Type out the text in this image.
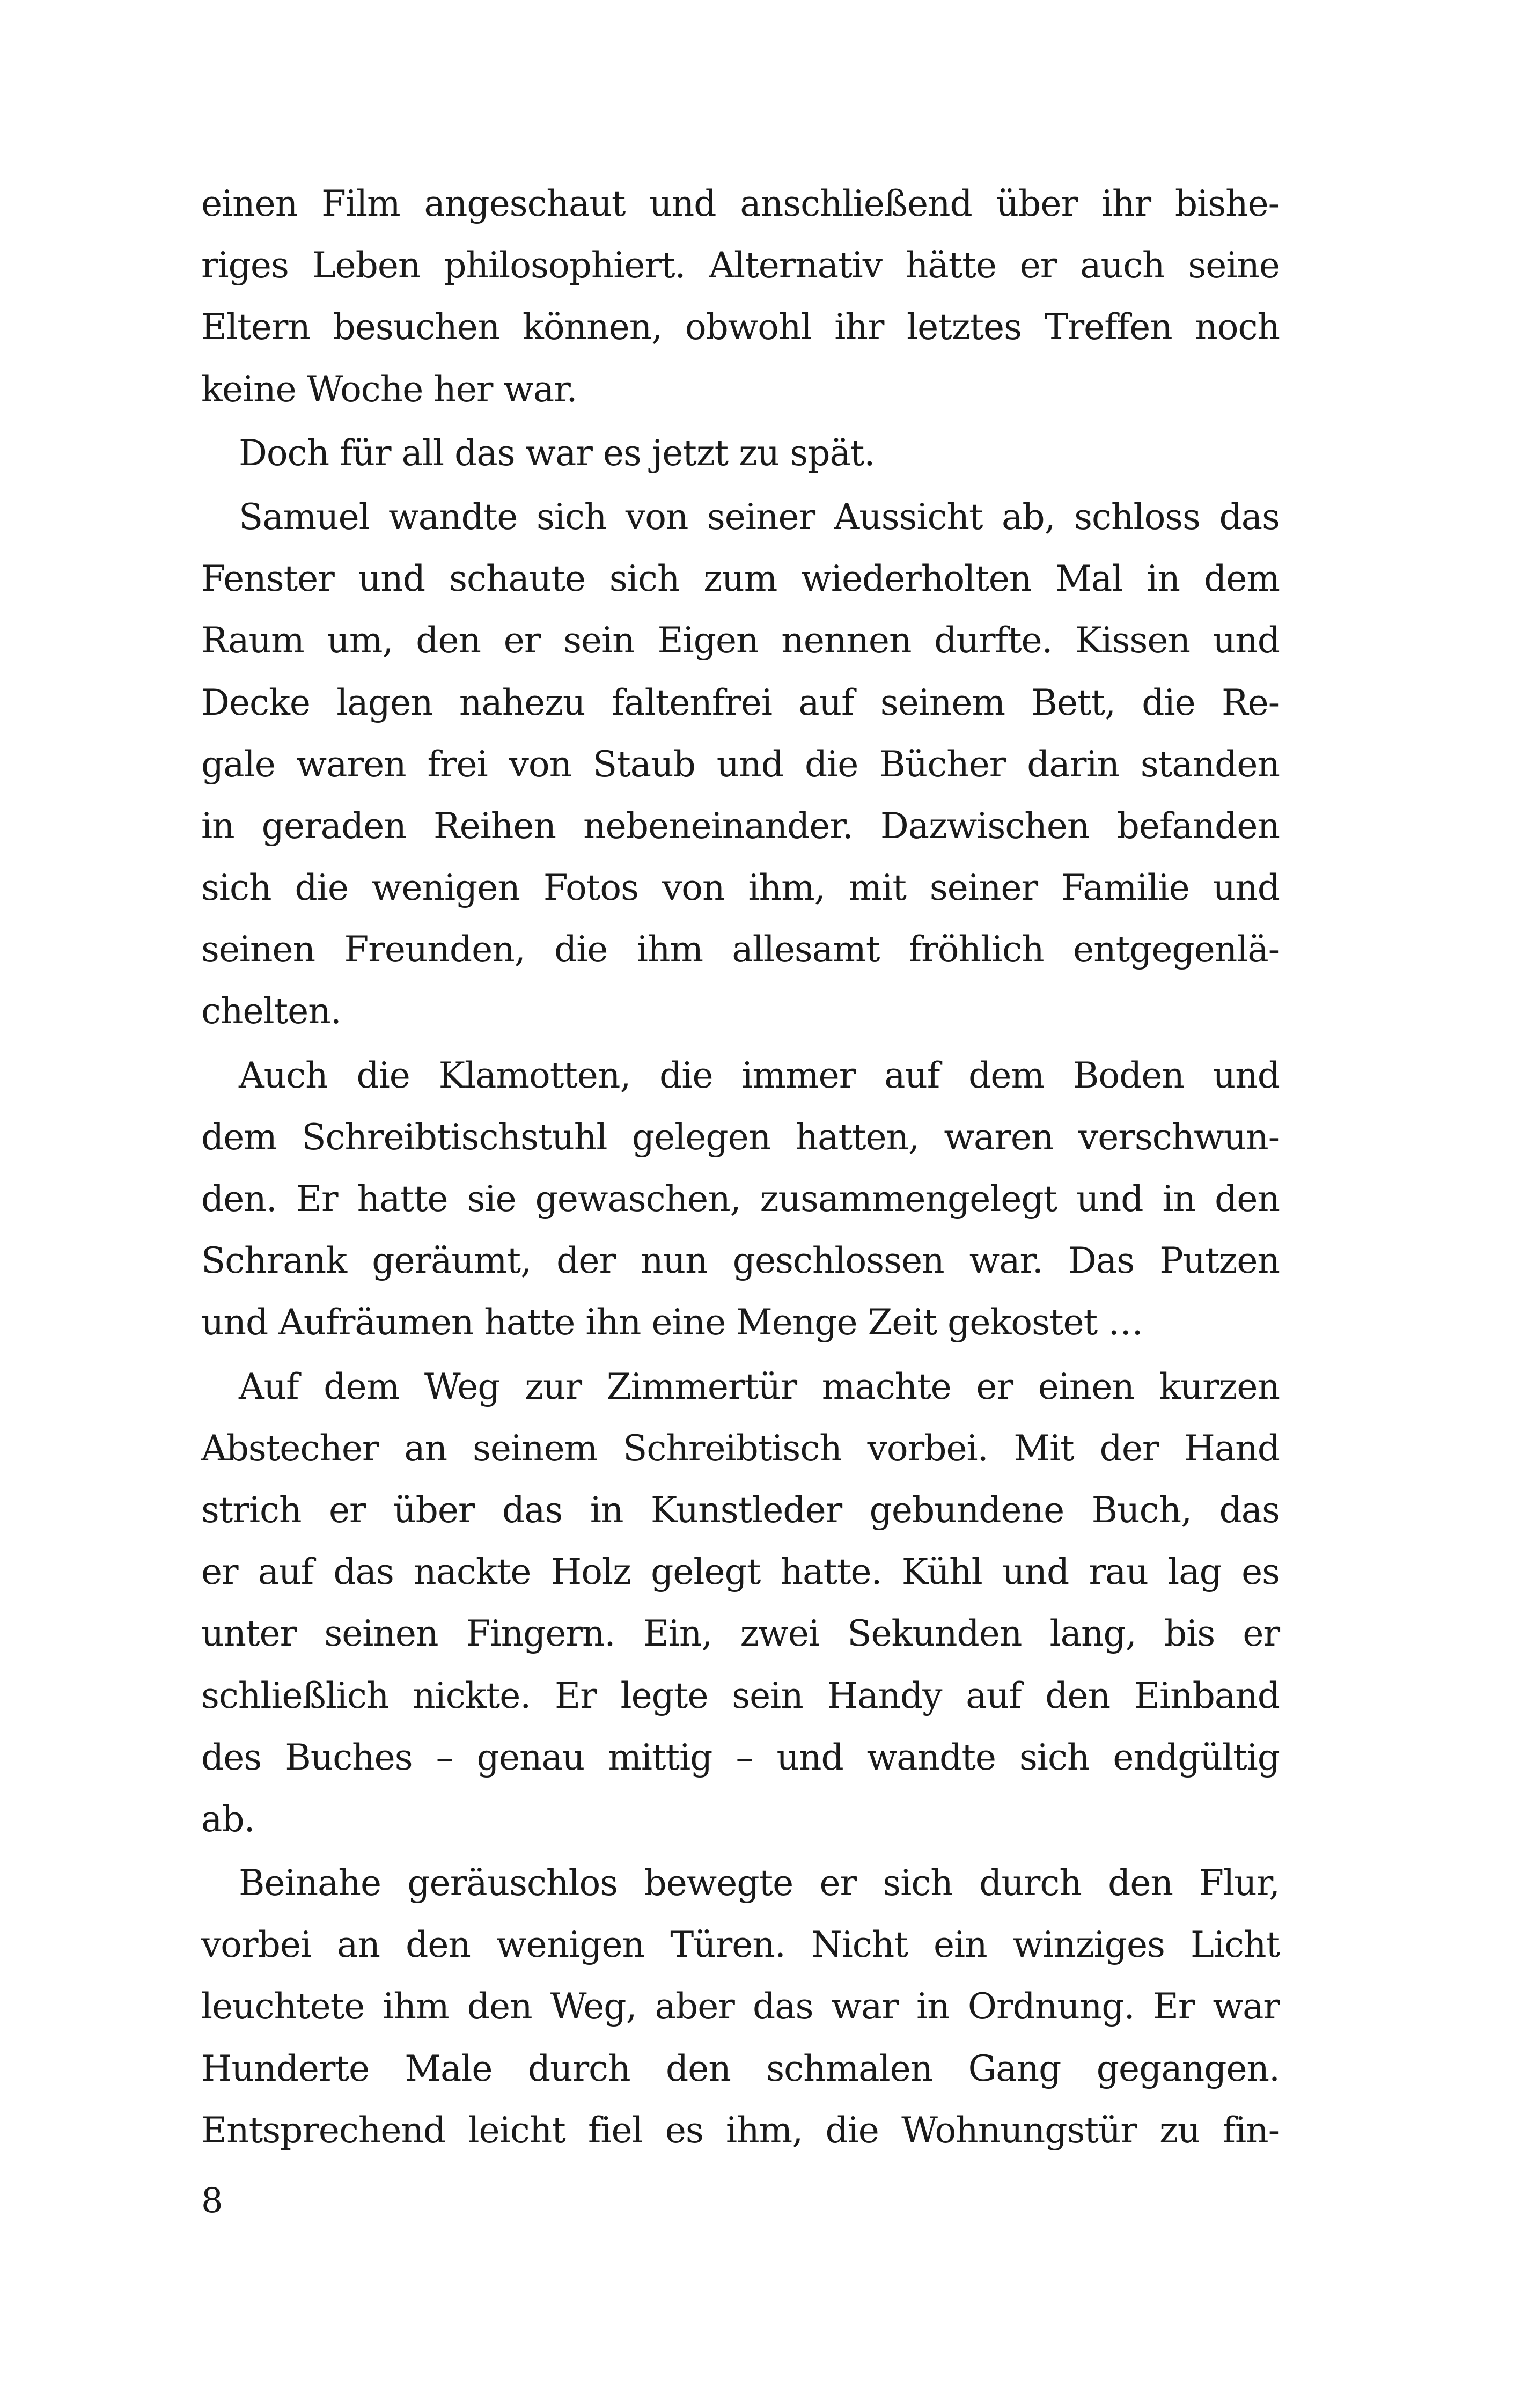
einen Film angeschaut und anschließend über ihr bishe-
riges Leben philosophiert. Alternativ hätte er auch seine
Eltern besuchen können, obwohl ihr letztes Treffen noch
keine Woche her war.
Doch für all das war es jetzt zu spät.
Samuel wandte sich von seiner Aussicht ab, schloss das
Fenster und schaute sich zum wiederholten Mal in dem
Raum um, den er sein Eigen nennen durfte. Kissen und
Decke lagen nahezu faltenfrei auf seinem Bett, die Re-
gale waren frei von Staub und die Bücher darin standen
in geraden Reihen nebeneinander. Dazwischen befanden
sich die wenigen Fotos von ihm, mit seiner Familie und
seinen Freunden, die ihm allesamt fröhlich entgegenlä-
chelten.
Auch die Klamotten, die immer auf dem Boden und
dem Schreibtischstuhl gelegen hatten, waren verschwun-
den. Er hatte sie gewaschen, zusammengelegt und in den
Schrank geräumt, der nun geschlossen war. Das Putzen
und Aufräumen hatte ihn eine Menge Zeit gekostet …
Auf dem Weg zur Zimmertür machte er einen kurzen
Abstecher an seinem Schreibtisch vorbei. Mit der Hand
strich er über das in Kunstleder gebundene Buch, das
er auf das nackte Holz gelegt hatte. Kühl und rau lag es
unter seinen Fingern. Ein, zwei Sekunden lang, bis er
schließlich nickte. Er legte sein Handy auf den Einband
des Buches – genau mittig – und wandte sich endgültig
ab.
Beinahe geräuschlos bewegte er sich durch den Flur,
vorbei an den wenigen Türen. Nicht ein winziges Licht
leuchtete ihm den Weg, aber das war in Ordnung. Er war
Hunderte Male durch den schmalen Gang gegangen.
Entsprechend leicht fiel es ihm, die Wohnungstür zu fin-
8
